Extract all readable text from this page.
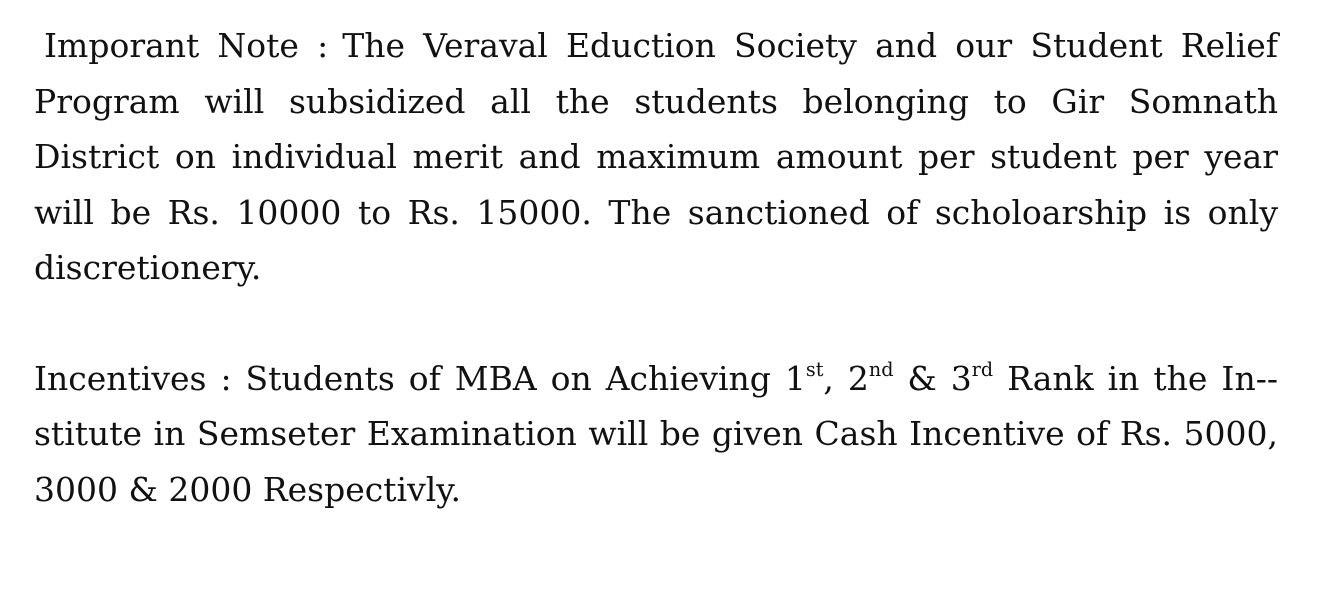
Imporant Note : The Veraval Eduction Society and our Student Relief Program will subsidized all the students belonging to Gir Somnath District on individual merit and maximum amount per student per year will be Rs. 10000 to Rs. 15000. The sanctioned of scholoarship is only discretionery.

Incentives : Students of MBA on Achieving 1st, 2nd & 3rd Rank in the In-stitute in Semseter Examination will be given Cash Incentive of Rs. 5000, 3000 & 2000 Respectivly.
